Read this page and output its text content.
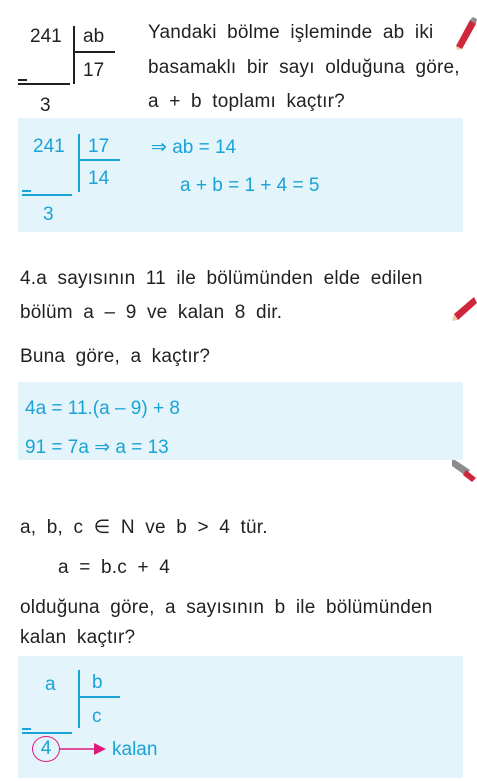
241 ab
17
3
Yandaki bölme işleminde ab iki
basamaklı bir sayı olduğuna göre,
a + b toplamı kaçtır?
241 17
14
3
⇒ ab = 14
a + b = 1 + 4 = 5
4.a sayısının 11 ile bölümünden elde edilen
bölüm a – 9 ve kalan 8 dir.
Buna göre, a kaçtır?
4a = 11.(a – 9) + 8
91 = 7a ⇒ a = 13
a, b, c ∈ N ve b > 4 tür.
a = b.c + 4
olduğuna göre, a sayısının b ile bölümünden
kalan kaçtır?
a b
c
4	kalan
